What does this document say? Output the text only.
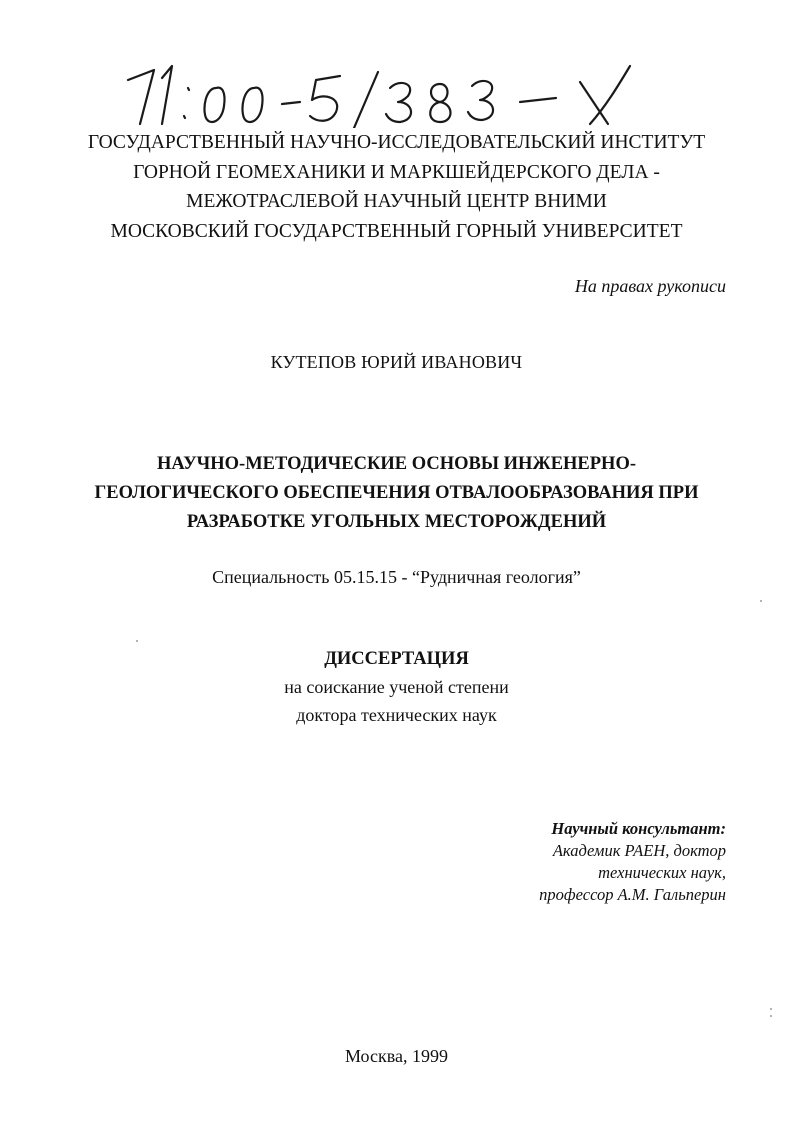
ГОСУДАРСТВЕННЫЙ НАУЧНО-ИССЛЕДОВАТЕЛЬСКИЙ ИНСТИТУТ
ГОРНОЙ ГЕОМЕХАНИКИ И МАРКШЕЙДЕРСКОГО ДЕЛА -
МЕЖОТРАСЛЕВОЙ НАУЧНЫЙ ЦЕНТР ВНИМИ
МОСКОВСКИЙ ГОСУДАРСТВЕННЫЙ ГОРНЫЙ УНИВЕРСИТЕТ
На правах рукописи
КУТЕПОВ ЮРИЙ ИВАНОВИЧ
НАУЧНО-МЕТОДИЧЕСКИЕ ОСНОВЫ ИНЖЕНЕРНО-
ГЕОЛОГИЧЕСКОГО ОБЕСПЕЧЕНИЯ ОТВАЛООБРАЗОВАНИЯ ПРИ
РАЗРАБОТКЕ УГОЛЬНЫХ МЕСТОРОЖДЕНИЙ
Специальность 05.15.15 - “Рудничная геология”
ДИССЕРТАЦИЯ
на соискание ученой степени
доктора технических наук
Научный консультант:
Академик РАЕН, доктор
технических наук,
профессор А.М. Гальперин
Москва, 1999
